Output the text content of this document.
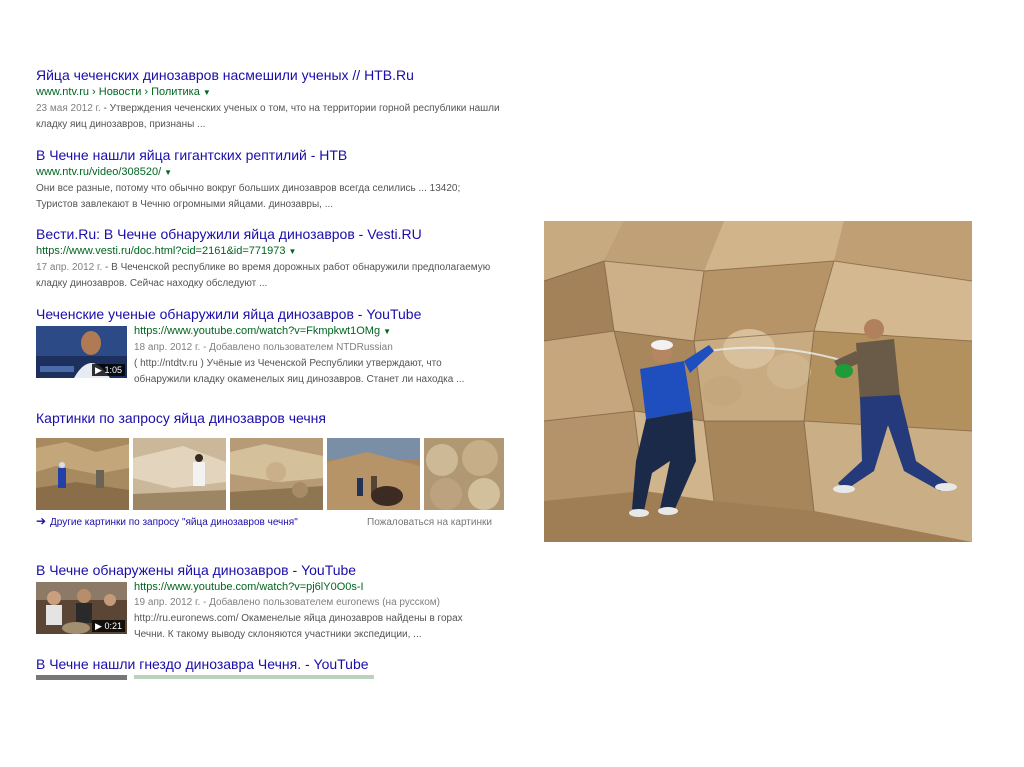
Яйца чеченских динозавров насмешили ученых // НТВ.Ru
www.ntv.ru › Новости › Политика ▼
23 мая 2012 г. - Утверждения чеченских ученых о том, что на территории горной республики нашли
кладку яиц динозавров, признаны ...
В Чечне нашли яйца гигантских рептилий - НТВ
www.ntv.ru/video/308520/ ▼
Они все разные, потому что обычно вокруг больших динозавров всегда селились ... 13420;
Туристов завлекают в Чечню огромными яйцами. динозавры, ...
Вести.Ru: В Чечне обнаружили яйца динозавров - Vesti.RU
https://www.vesti.ru/doc.html?cid=2161&id=771973 ▼
17 апр. 2012 г. - В Чеченской республике во время дорожных работ обнаружили предполагаемую
кладку динозавров. Сейчас находку обследуют ...
Чеченские ученые обнаружили яйца динозавров - YouTube
▶ 1:05
https://www.youtube.com/watch?v=Fkmpkwt1OMg ▼
18 апр. 2012 г. - Добавлено пользователем NTDRussian
( http://ntdtv.ru ) Учёные из Чеченской Республики утверждают, что
обнаружили кладку окаменелых яиц динозавров. Станет ли находка ...
Картинки по запросу яйца динозавров чечня
➔ Другие картинки по запросу "яйца динозавров чечня"	Пожаловаться на картинки
В Чечне обнаружены яйца динозавров - YouTube
▶ 0:21
https://www.youtube.com/watch?v=pj6lY0O0s-I
19 апр. 2012 г. - Добавлено пользователем euronews (на русском)
http://ru.euronews.com/ Окаменелые яйца динозавров найдены в горах
Чечни. К такому выводу склоняются участники экспедиции, ...
В Чечне нашли гнездо динозавра Чечня. - YouTube
